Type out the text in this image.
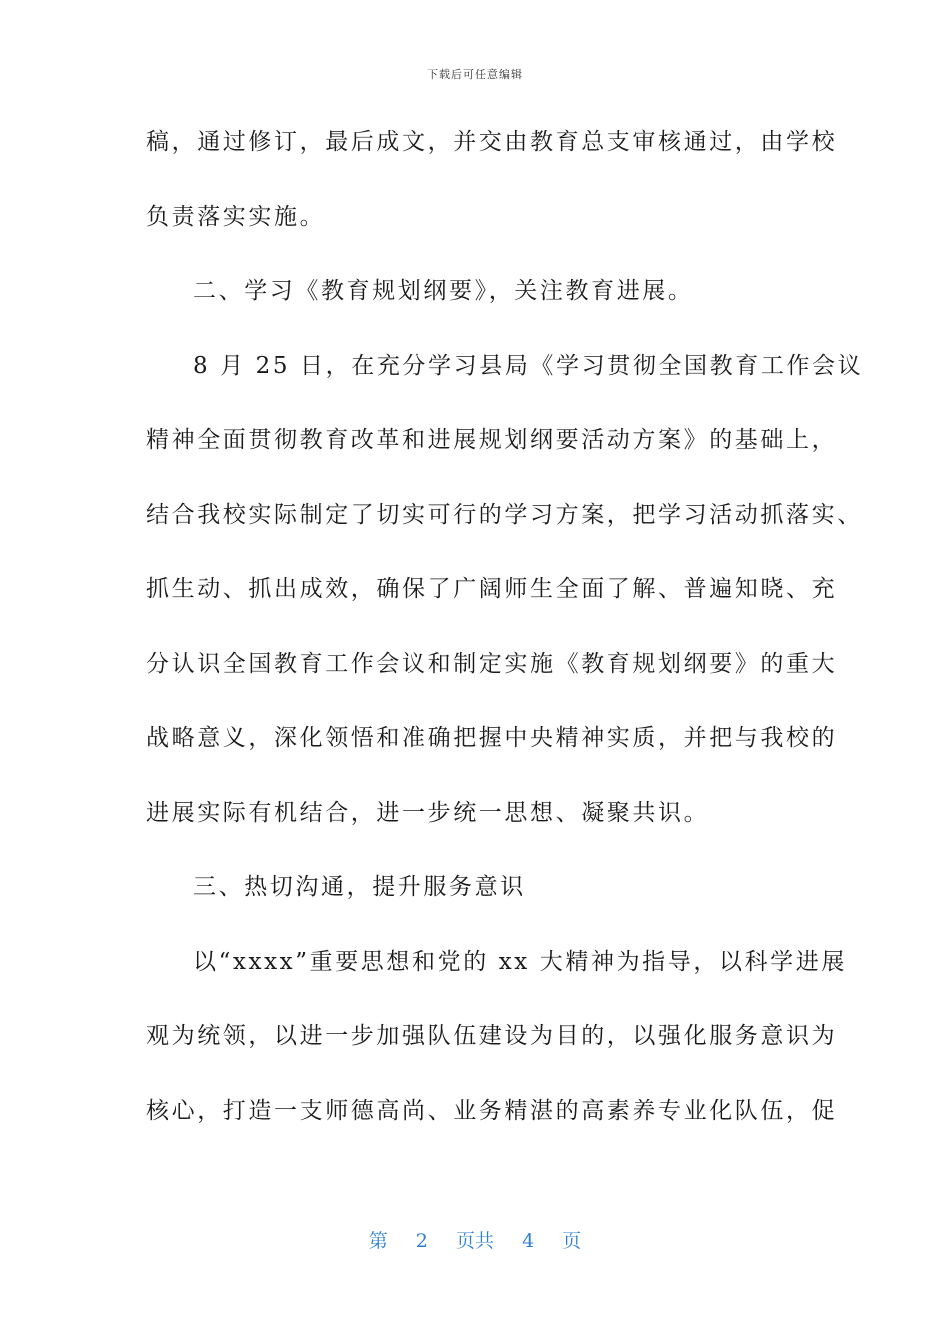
下载后可任意编辑
稿，通过修订，最后成文，并交由教育总支审核通过，由学校
负责落实实施。
二、学习《教育规划纲要》，关注教育进展。
8 月 25 日，在充分学习县局《学习贯彻全国教育工作会议
精神全面贯彻教育改革和进展规划纲要活动方案》的基础上，
结合我校实际制定了切实可行的学习方案，把学习活动抓落实、
抓生动、抓出成效，确保了广阔师生全面了解、普遍知晓、充
分认识全国教育工作会议和制定实施《教育规划纲要》的重大
战略意义，深化领悟和准确把握中央精神实质，并把与我校的
进展实际有机结合，进一步统一思想、凝聚共识。
三、热切沟通，提升服务意识
以“xxxx”重要思想和党的 xx 大精神为指导，以科学进展
观为统领，以进一步加强队伍建设为目的，以强化服务意识为
核心，打造一支师德高尚、业务精湛的高素养专业化队伍，促
第 2 页共 4 页
